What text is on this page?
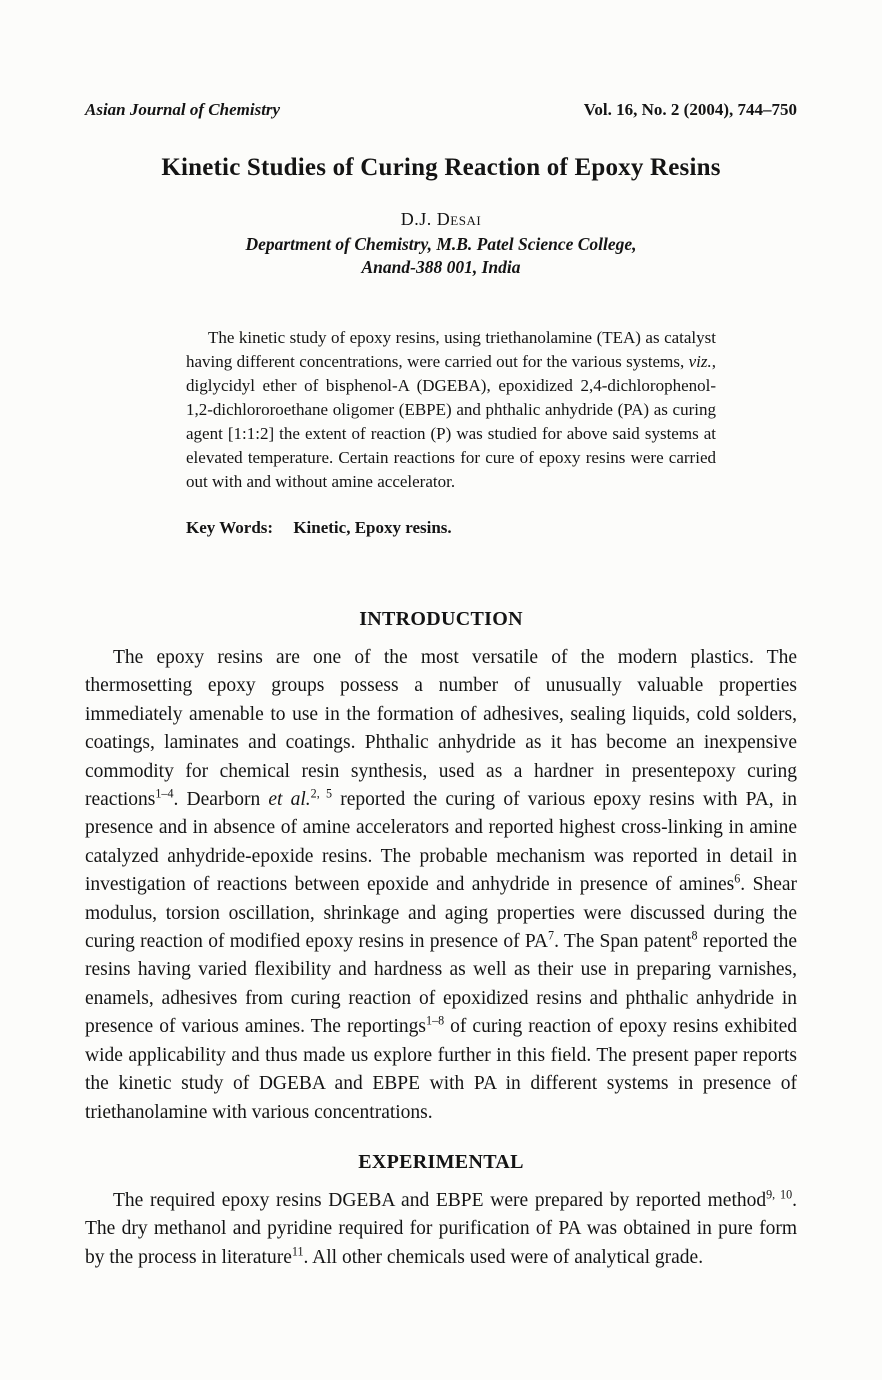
Asian Journal of Chemistry	Vol. 16, No. 2 (2004), 744–750
Kinetic Studies of Curing Reaction of Epoxy Resins
D.J. Desai
Department of Chemistry, M.B. Patel Science College,
Anand-388 001, India

The kinetic study of epoxy resins, using triethanolamine (TEA) as catalyst having different concentrations, were carried out for the various systems, viz., diglycidyl ether of bisphenol-A (DGEBA), epoxidized 2,4-dichlorophenol-1,2-dichlororoethane oligomer (EBPE) and phthalic anhydride (PA) as curing agent [1:1:2] the extent of reaction (P) was studied for above said systems at elevated temperature. Certain reactions for cure of epoxy resins were carried out with and without amine accelerator.

Key Words: Kinetic, Epoxy resins.

INTRODUCTION

The epoxy resins are one of the most versatile of the modern plastics. The thermosetting epoxy groups possess a number of unusually valuable properties immediately amenable to use in the formation of adhesives, sealing liquids, cold solders, coatings, laminates and coatings. Phthalic anhydride as it has become an inexpensive commodity for chemical resin synthesis, used as a hardner in presentepoxy curing reactions$^{1-4}$. Dearborn et al.$^{2, 5}$ reported the curing of various epoxy resins with PA, in presence and in absence of amine accelerators and reported highest cross-linking in amine catalyzed anhydride-epoxide resins. The probable mechanism was reported in detail in investigation of reactions between epoxide and anhydride in presence of amines$^6$. Shear modulus, torsion oscillation, shrinkage and aging properties were discussed during the curing reaction of modified epoxy resins in presence of $PA^7$. The Span patent$^8$ reported the resins having varied flexibility and hardness as well as their use in preparing varnishes, enamels, adhesives from curing reaction of epoxidized resins and phthalic anhydride in presence of various amines. The reportings$^{1-8}$ of curing reaction of epoxy resins exhibited wide applicability and thus made us explore further in this field. The present paper reports the kinetic study of DGEBA and EBPE with PA in different systems in presence of triethanolamine with various concentrations.

EXPERIMENTAL

The required epoxy resins DGEBA and EBPE were prepared by reported method$^{9, 10}$. The dry methanol and pyridine required for purification of PA was obtained in pure form by the process in literature$^{11}$. All other chemicals used were of analytical grade.
